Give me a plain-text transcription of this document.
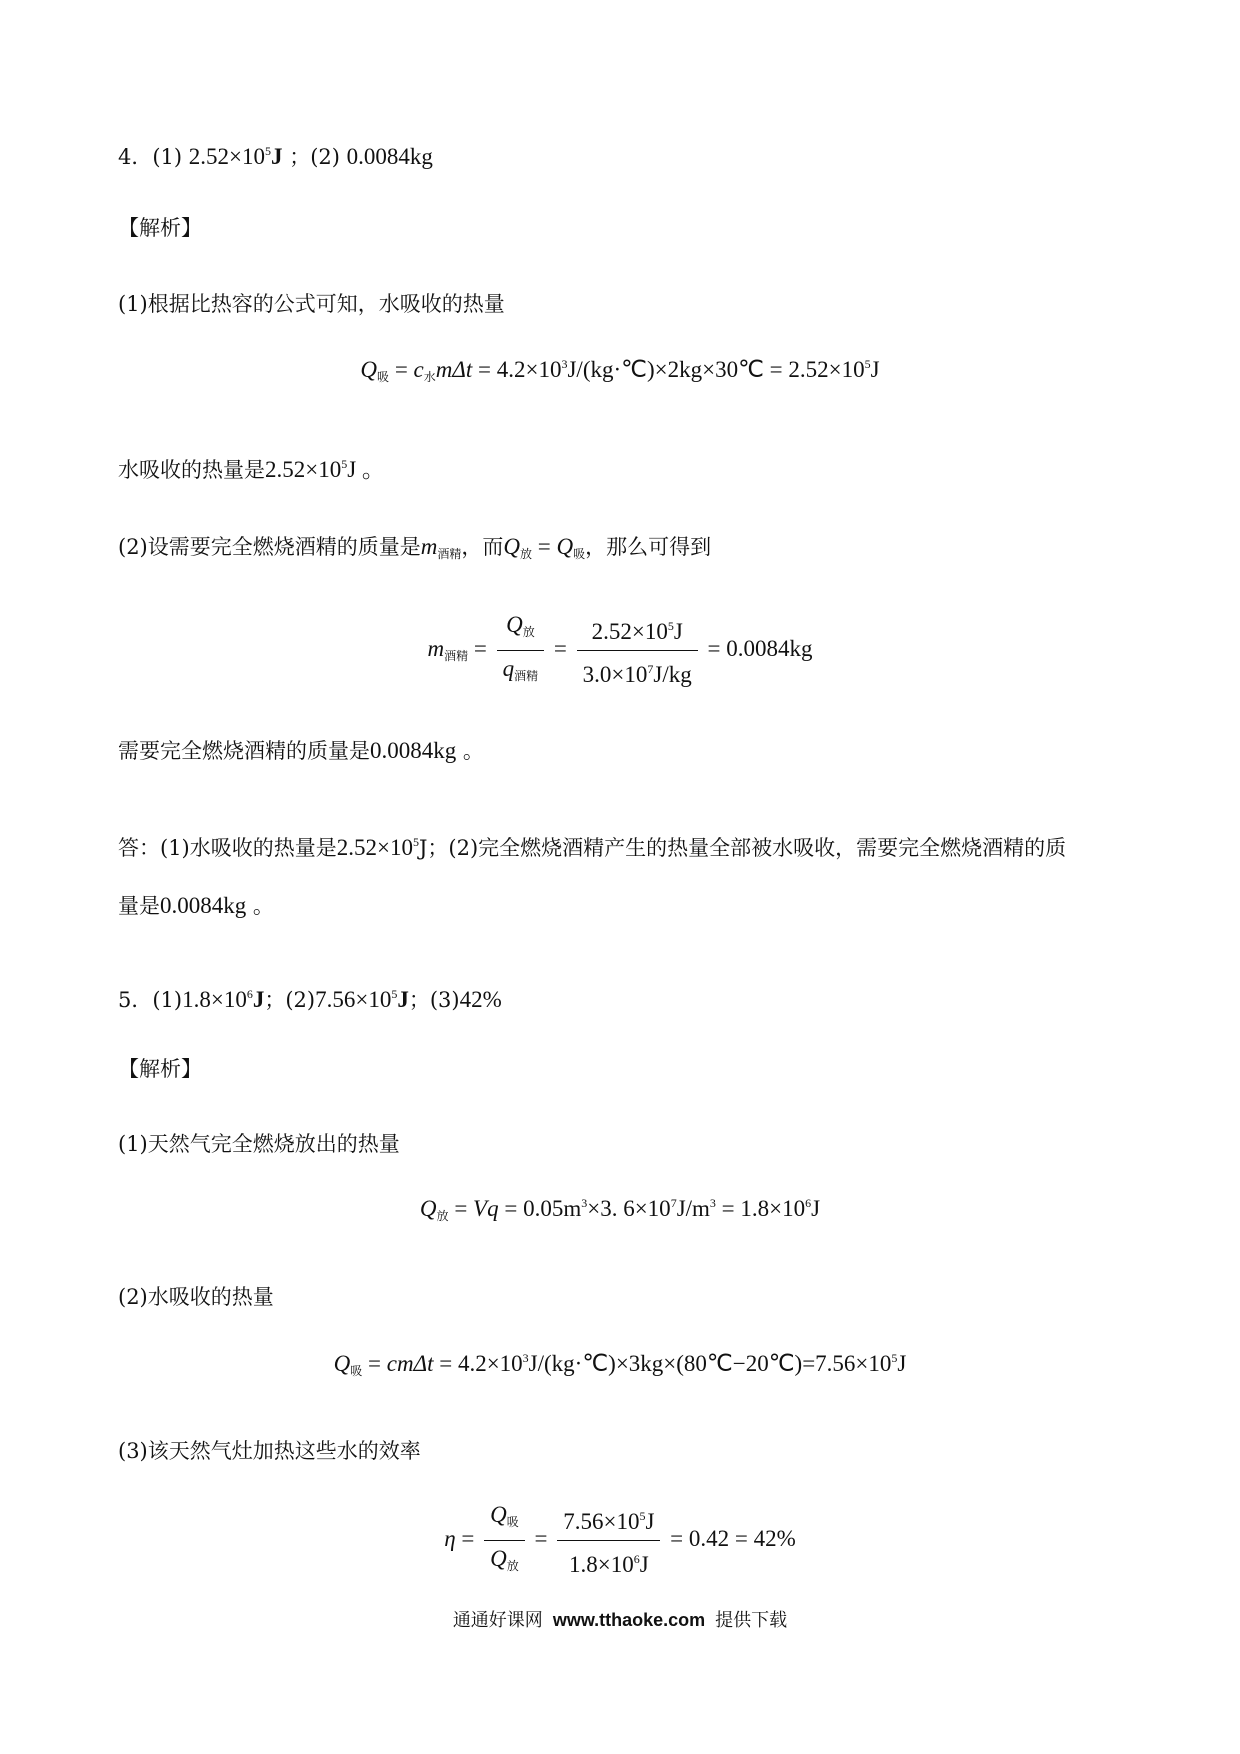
4．(1) $2.52\times 10^5J$ ；(2) 0.0084kg
【解析】
(1)根据比热容的公式可知，水吸收的热量
$Q_吸 = c_水m\Delta t$ = $4.2\times 10^3J/(kg\cdot℃)\times 2kg\times 30℃ = 2.52\times 10^5J$
水吸收的热量是$2.52\times 10^5J$ 。
(2)设需要完全燃烧酒精的质量是$m_{酒精}$，而$Q_放 = Q_吸$，那么可得到
$m_{酒精} = \frac{Q_放}{q_{酒精}} = \frac{2.52\times 10^5J}{3.0\times 10^7J/kg} = 0.0084kg$
需要完全燃烧酒精的质量是0.0084kg 。
答：(1)水吸收的热量是$2.52\times 10^5J$；(2)完全燃烧酒精产生的热量全部被水吸收，需要完全燃烧酒精的质
量是0.0084kg 。
5．$(1)1.8\times 10^6J$；$(2)7.56\times 10^5J$；(3)42%
【解析】
(1)天然气完全燃烧放出的热量
$Q_放 = Vq = 0.05m^3\times 3$. $6\times 10^7J/m^3 = 1.8\times 10^6J$
(2)水吸收的热量
$Q_吸 = cm\Delta t$ = $4.2\times 10^3J/(kg\cdot℃)\times 3kg\times(80℃-20℃)=7.56\times 10^5J$
(3)该天然气灶加热这些水的效率
$\eta = \frac{Q_吸}{Q_放} = \frac{7.56\times 10^5J}{1.8\times 10^6J} = 0.42 = 42\%$
通通好课网 www.tthaoke.com 提供下载
